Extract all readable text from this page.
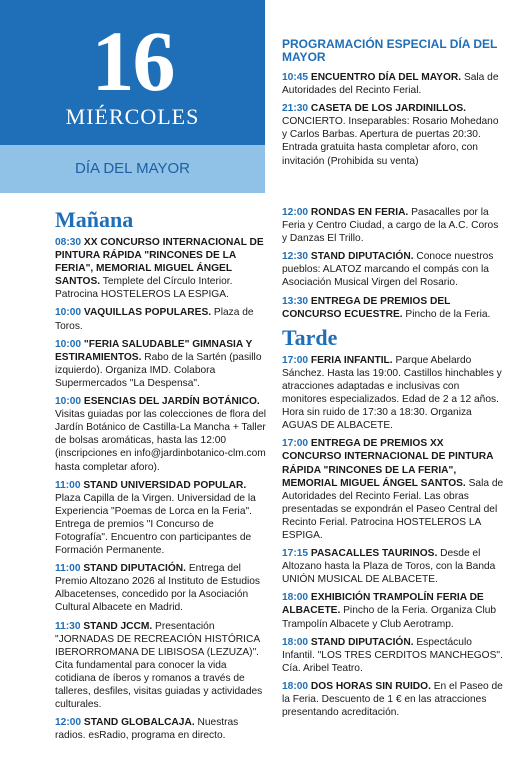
16
MIÉRCOLES
DÍA DEL MAYOR
PROGRAMACIÓN ESPECIAL DÍA DEL MAYOR
10:45 ENCUENTRO DÍA DEL MAYOR. Sala de Autoridades del Recinto Ferial.
21:30 CASETA DE LOS JARDINILLOS. CONCIERTO. Inseparables: Rosario Mohedano y Carlos Barbas. Apertura de puertas 20:30. Entrada gratuita hasta completar aforo, con invitación (Prohibida su venta)
Mañana
08:30 XX CONCURSO INTERNACIONAL DE PINTURA RÁPIDA "RINCONES DE LA FERIA", MEMORIAL MIGUEL ÁNGEL SANTOS. Templete del Círculo Interior. Patrocina HOSTELEROS LA ESPIGA.
10:00 VAQUILLAS POPULARES. Plaza de Toros.
10:00 "FERIA SALUDABLE" GIMNASIA Y ESTIRAMIENTOS. Rabo de la Sartén (pasillo izquierdo). Organiza IMD. Colabora Supermercados "La Despensa".
10:00 ESENCIAS DEL JARDÍN BOTÁNICO. Visitas guiadas por las colecciones de flora del Jardín Botánico de Castilla-La Mancha + Taller de bolsas aromáticas, hasta las 12:00 (inscripciones en info@jardinbotanico-clm.com hasta completar aforo).
11:00 STAND UNIVERSIDAD POPULAR. Plaza Capilla de la Virgen. Universidad de la Experiencia "Poemas de Lorca en la Feria". Entrega de premios "I Concurso de Fotografía". Encuentro con participantes de Formación Permanente.
11:00 STAND DIPUTACIÓN. Entrega del Premio Altozano 2026 al Instituto de Estudios Albacetenses, concedido por la Asociación Cultural Albacete en Madrid.
11:30 STAND JCCM. Presentación "JORNADAS DE RECREACIÓN HISTÓRICA IBERORROMANA DE LIBISOSA (LEZUZA)". Cita fundamental para conocer la vida cotidiana de íberos y romanos a través de talleres, desfiles, visitas guiadas y actividades culturales.
12:00 STAND GLOBALCAJA. Nuestras radios. esRadio, programa en directo.
12:00 RONDAS EN FERIA. Pasacalles por la Feria y Centro Ciudad, a cargo de la A.C. Coros y Danzas El Trillo.
12:30 STAND DIPUTACIÓN. Conoce nuestros pueblos: ALATOZ marcando el compás con la Asociación Musical Virgen del Rosario.
13:30 ENTREGA DE PREMIOS DEL CONCURSO ECUESTRE. Pincho de la Feria.
Tarde
17:00 FERIA INFANTIL. Parque Abelardo Sánchez. Hasta las 19:00. Castillos hinchables y atracciones adaptadas e inclusivas con monitores especializados. Edad de 2 a 12 años. Hora sin ruido de 17:30 a 18:30. Organiza AGUAS DE ALBACETE.
17:00 ENTREGA DE PREMIOS XX CONCURSO INTERNACIONAL DE PINTURA RÁPIDA "RINCONES DE LA FERIA", MEMORIAL MIGUEL ÁNGEL SANTOS. Sala de Autoridades del Recinto Ferial. Las obras presentadas se expondrán el Paseo Central del Recinto Ferial. Patrocina HOSTELEROS LA ESPIGA.
17:15 PASACALLES TAURINOS. Desde el Altozano hasta la Plaza de Toros, con la Banda UNIÓN MUSICAL DE ALBACETE.
18:00 EXHIBICIÓN TRAMPOLÍN FERIA DE ALBACETE. Pincho de la Feria. Organiza Club Trampolín Albacete y Club Aerotramp.
18:00 STAND DIPUTACIÓN. Espectáculo Infantil. "LOS TRES CERDITOS MANCHEGOS". Cía. Aribel Teatro.
18:00 DOS HORAS SIN RUIDO. En el Paseo de la Feria. Descuento de 1 € en las atracciones presentando acreditación.
